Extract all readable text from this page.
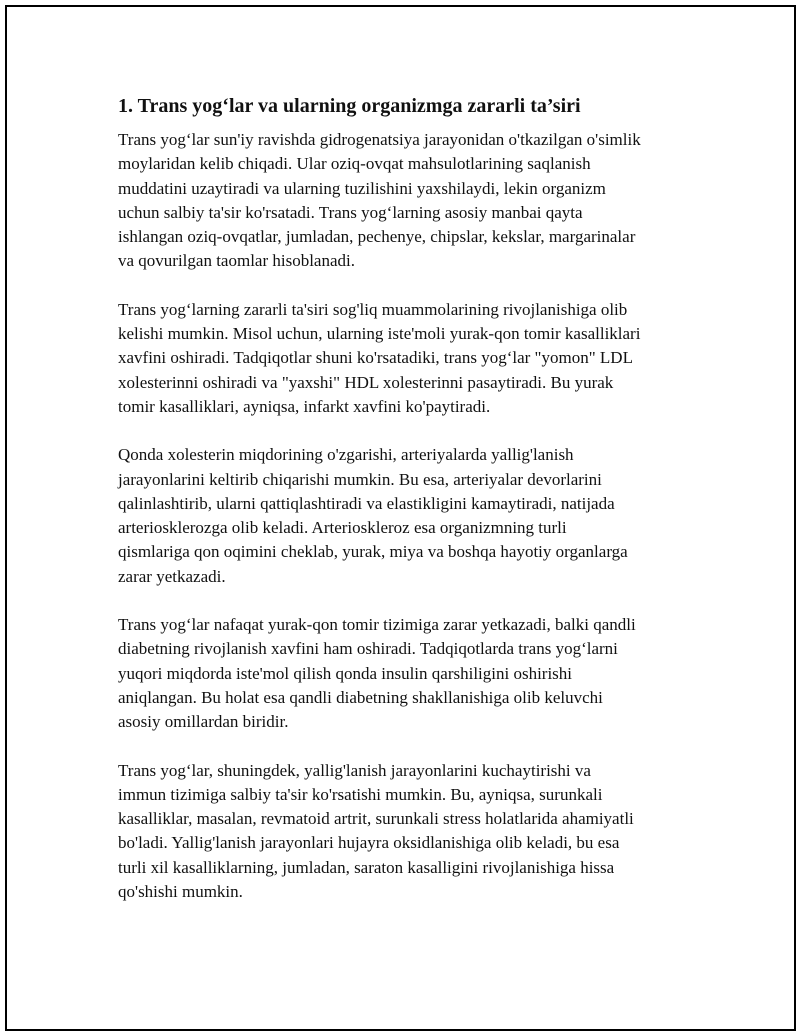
1. Trans yog‘lar va ularning organizmga zararli ta’siri

Trans yog‘lar sun'iy ravishda gidrogenatsiya jarayonidan o'tkazilgan o'simlik
moylaridan kelib chiqadi. Ular oziq-ovqat mahsulotlarining saqlanish
muddatini uzaytiradi va ularning tuzilishini yaxshilaydi, lekin organizm
uchun salbiy ta'sir ko'rsatadi. Trans yog‘larning asosiy manbai qayta
ishlangan oziq-ovqatlar, jumladan, pechenye, chipslar, kekslar, margarinalar
va qovurilgan taomlar hisoblanadi.

Trans yog‘larning zararli ta'siri sog'liq muammolarining rivojlanishiga olib
kelishi mumkin. Misol uchun, ularning iste'moli yurak-qon tomir kasalliklari
xavfini oshiradi. Tadqiqotlar shuni ko'rsatadiki, trans yog‘lar "yomon" LDL
xolesterinni oshiradi va "yaxshi" HDL xolesterinni pasaytiradi. Bu yurak
tomir kasalliklari, ayniqsa, infarkt xavfini ko'paytiradi.

Qonda xolesterin miqdorining o'zgarishi, arteriyalarda yallig'lanish
jarayonlarini keltirib chiqarishi mumkin. Bu esa, arteriyalar devorlarini
qalinlashtirib, ularni qattiqlashtiradi va elastikligini kamaytiradi, natijada
arteriosklerozga olib keladi. Arterioskleroz esa organizmning turli
qismlariga qon oqimini cheklab, yurak, miya va boshqa hayotiy organlarga
zarar yetkazadi.

Trans yog‘lar nafaqat yurak-qon tomir tizimiga zarar yetkazadi, balki qandli
diabetning rivojlanish xavfini ham oshiradi. Tadqiqotlarda trans yog‘larni
yuqori miqdorda iste'mol qilish qonda insulin qarshiligini oshirishi
aniqlangan. Bu holat esa qandli diabetning shakllanishiga olib keluvchi
asosiy omillardan biridir.

Trans yog‘lar, shuningdek, yallig'lanish jarayonlarini kuchaytirishi va
immun tizimiga salbiy ta'sir ko'rsatishi mumkin. Bu, ayniqsa, surunkali
kasalliklar, masalan, revmatoid artrit, surunkali stress holatlarida ahamiyatli
bo'ladi. Yallig'lanish jarayonlari hujayra oksidlanishiga olib keladi, bu esa
turli xil kasalliklarning, jumladan, saraton kasalligini rivojlanishiga hissa
qo'shishi mumkin.
